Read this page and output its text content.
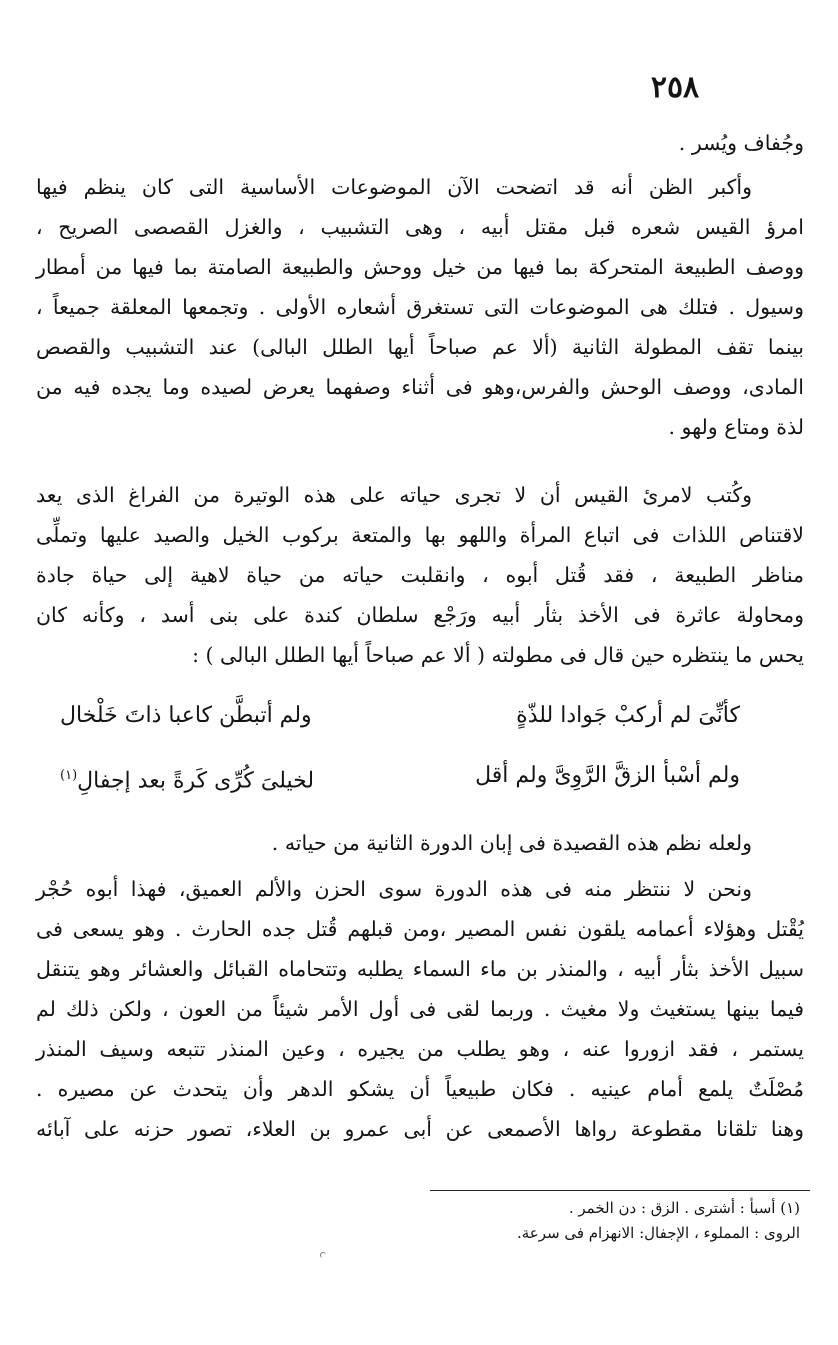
٢٥٨
وجُفاف ويُسر .
وأكبر الظن أنه قد اتضحت الآن الموضوعات الأساسية التى كان ينظم فيها
امرؤ القيس شعره قبل مقتل أبيه ، وهى التشبيب ، والغزل القصصى الصريح ،
ووصف الطبيعة المتحركة بما فيها من خيل ووحش والطبيعة الصامتة بما فيها من أمطار
وسيول . فتلك هى الموضوعات التى تستغرق أشعاره الأولى . وتجمعها المعلقة جميعاً ،
بينما تقف المطولة الثانية (ألا عم صباحاً أيها الطلل البالى) عند التشبيب والقصص
المادى، ووصف الوحش والفرس،وهو فى أثناء وصفهما يعرض لصيده وما يجده فيه من
لذة ومتاع ولهو .
وكُتب لامرئ القيس أن لا تجرى حياته على هذه الوتيرة من الفراغ الذى يعد
لاقتناص اللذات فى اتباع المرأة واللهو بها والمتعة بركوب الخيل والصيد عليها وتملِّى
مناظر الطبيعة ، فقد قُتل أبوه ، وانقلبت حياته من حياة لاهية إلى حياة جادة
ومحاولة عاثرة فى الأخذ بثأر أبيه ورَجْع سلطان كندة على بنى أسد ، وكأنه كان
يحس ما ينتظره حين قال فى مطولته ( ألا عم صباحاً أيها الطلل البالى ) :
كأنِّىَ لم أركبْ جَوادا للذّةٍ
ولم أتبطَّن كاعبا ذاتَ خَلْخال
ولم أسْبأ الزقَّ الرَّوِىَّ ولم أقل
لخيلىَ كُرِّى كَرةً بعد إجفالِ$^{(١)}$
ولعله نظم هذه القصيدة فى إبان الدورة الثانية من حياته .
ونحن لا ننتظر منه فى هذه الدورة سوى الحزن والألم العميق، فهذا أبوه حُجْر
يُقْتل وهؤلاء أعمامه يلقون نفس المصير ،ومن قبلهم قُتل جده الحارث . وهو يسعى فى
سبيل الأخذ بثأر أبيه ، والمنذر بن ماء السماء يطلبه وتتحاماه القبائل والعشائر وهو يتنقل
فيما بينها يستغيث ولا مغيث . وربما لقى فى أول الأمر شيئاً من العون ، ولكن ذلك لم
يستمر ، فقد ازوروا عنه ، وهو يطلب من يجيره ، وعين المنذر تتبعه وسيف المنذر
مُصْلَتٌ يلمع أمام عينيه . فكان طبيعياً أن يشكو الدهر وأن يتحدث عن مصيره .
وهنا تلقانا مقطوعة رواها الأصمعى عن أبى عمرو بن العلاء، تصور حزنه على آبائه
(١) أسبأ : أشترى . الزق : دن الخمر .
الروى : المملوء ، الإجفال: الانهزام فى سرعة.
